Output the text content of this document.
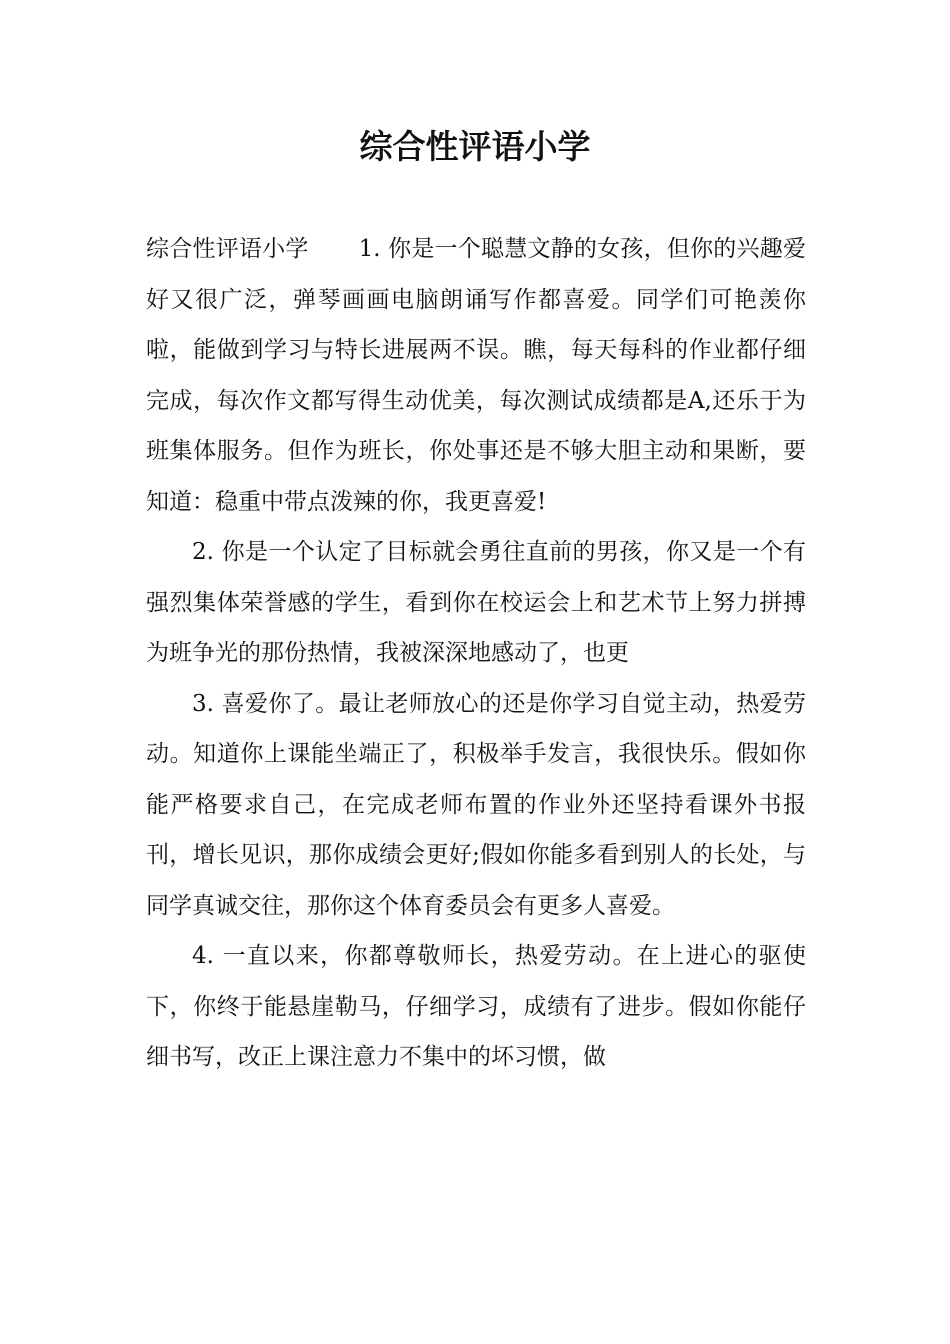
综合性评语小学

综合性评语小学 1. 你是一个聪慧文静的女孩，但你的兴趣爱好又很广泛，弹琴画画电脑朗诵写作都喜爱。同学们可艳羡你啦，能做到学习与特长进展两不误。瞧，每天每科的作业都仔细完成，每次作文都写得生动优美，每次测试成绩都是A,还乐于为班集体服务。但作为班长，你处事还是不够大胆主动和果断，要知道：稳重中带点泼辣的你，我更喜爱!

2. 你是一个认定了目标就会勇往直前的男孩，你又是一个有强烈集体荣誉感的学生，看到你在校运会上和艺术节上努力拼搏为班争光的那份热情，我被深深地感动了，也更

3. 喜爱你了。最让老师放心的还是你学习自觉主动，热爱劳动。知道你上课能坐端正了，积极举手发言，我很快乐。假如你能严格要求自己，在完成老师布置的作业外还坚持看课外书报刊，增长见识，那你成绩会更好;假如你能多看到别人的长处，与同学真诚交往，那你这个体育委员会有更多人喜爱。

4. 一直以来，你都尊敬师长，热爱劳动。在上进心的驱使下，你终于能悬崖勒马，仔细学习，成绩有了进步。假如你能仔细书写，改正上课注意力不集中的坏习惯，做
